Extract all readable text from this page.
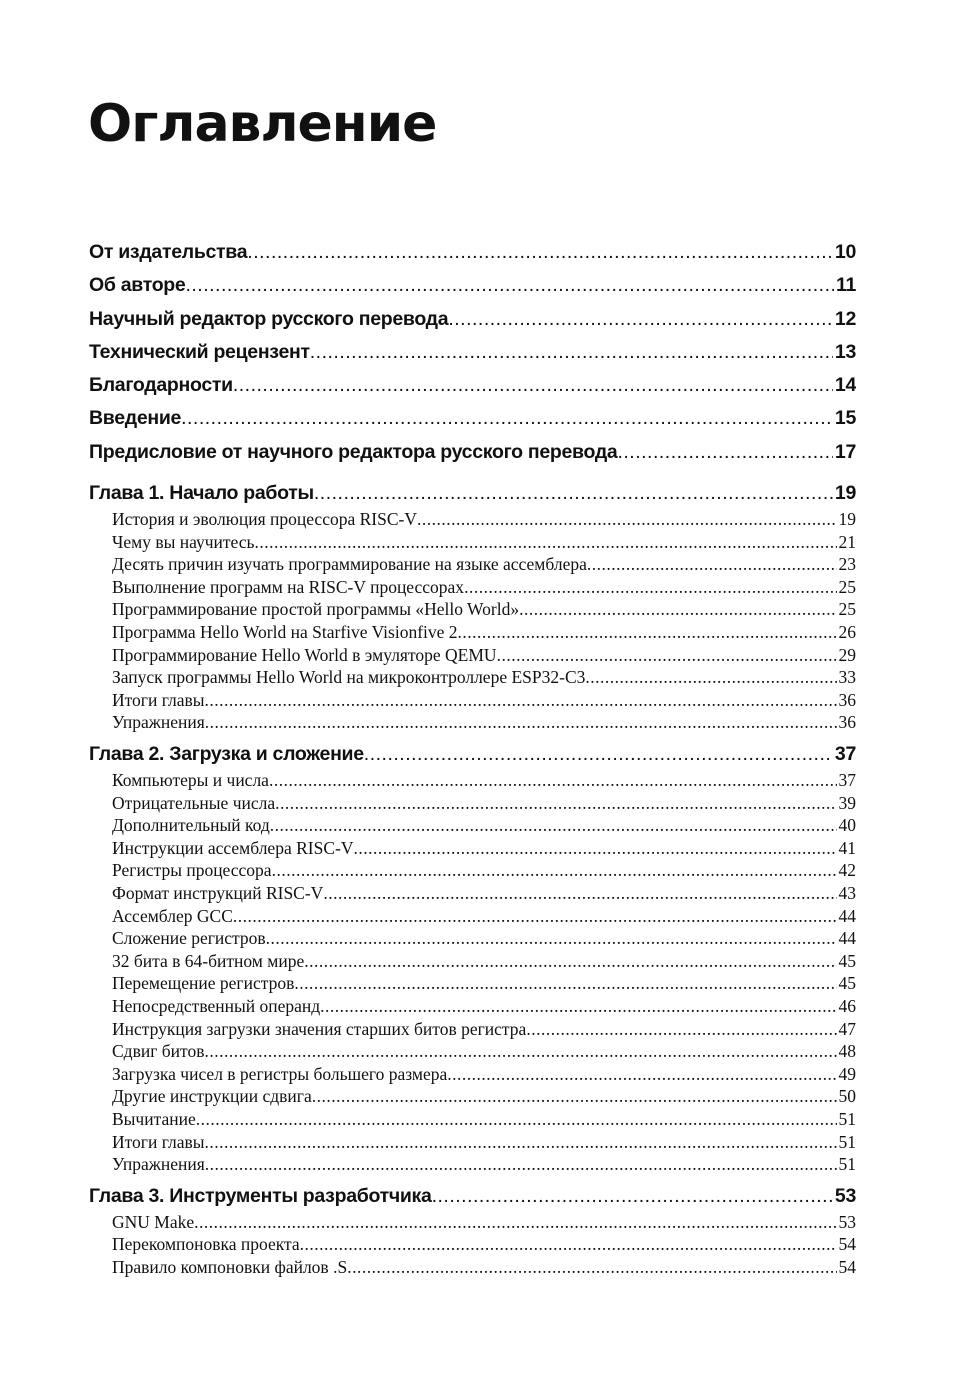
Оглавление
От издательства .....	10
Об авторе .....	11
Научный редактор русского перевода .....	12
Технический рецензент .....	13
Благодарности .....	14
Введение .....	15
Предисловие от научного редактора русского перевода .....	17
Глава 1. Начало работы .....	19
История и эволюция процессора RISC-V .....	19
Чему вы научитесь .....	21
Десять причин изучать программирование на языке ассемблера .....	23
Выполнение программ на RISC-V процессорах .....	25
Программирование простой программы «Hello World» .....	25
Программа Hello World на Starfive Visionfive 2 .....	26
Программирование Hello World в эмуляторе QEMU .....	29
Запуск программы Hello World на микроконтроллере ESP32-C3 .....	33
Итоги главы .....	36
Упражнения .....	36
Глава 2. Загрузка и сложение .....	37
Компьютеры и числа .....	37
Отрицательные числа .....	39
Дополнительный код .....	40
Инструкции ассемблера RISC-V .....	41
Регистры процессора .....	42
Формат инструкций RISC-V .....	43
Ассемблер GCC .....	44
Сложение регистров .....	44
32 бита в 64-битном мире .....	45
Перемещение регистров .....	45
Непосредственный операнд .....	46
Инструкция загрузки значения старших битов регистра .....	47
Сдвиг битов .....	48
Загрузка чисел в регистры большего размера .....	49
Другие инструкции сдвига .....	50
Вычитание .....	51
Итоги главы .....	51
Упражнения .....	51
Глава 3. Инструменты разработчика .....	53
GNU Make .....	53
Перекомпоновка проекта .....	54
Правило компоновки файлов .S .....	54
